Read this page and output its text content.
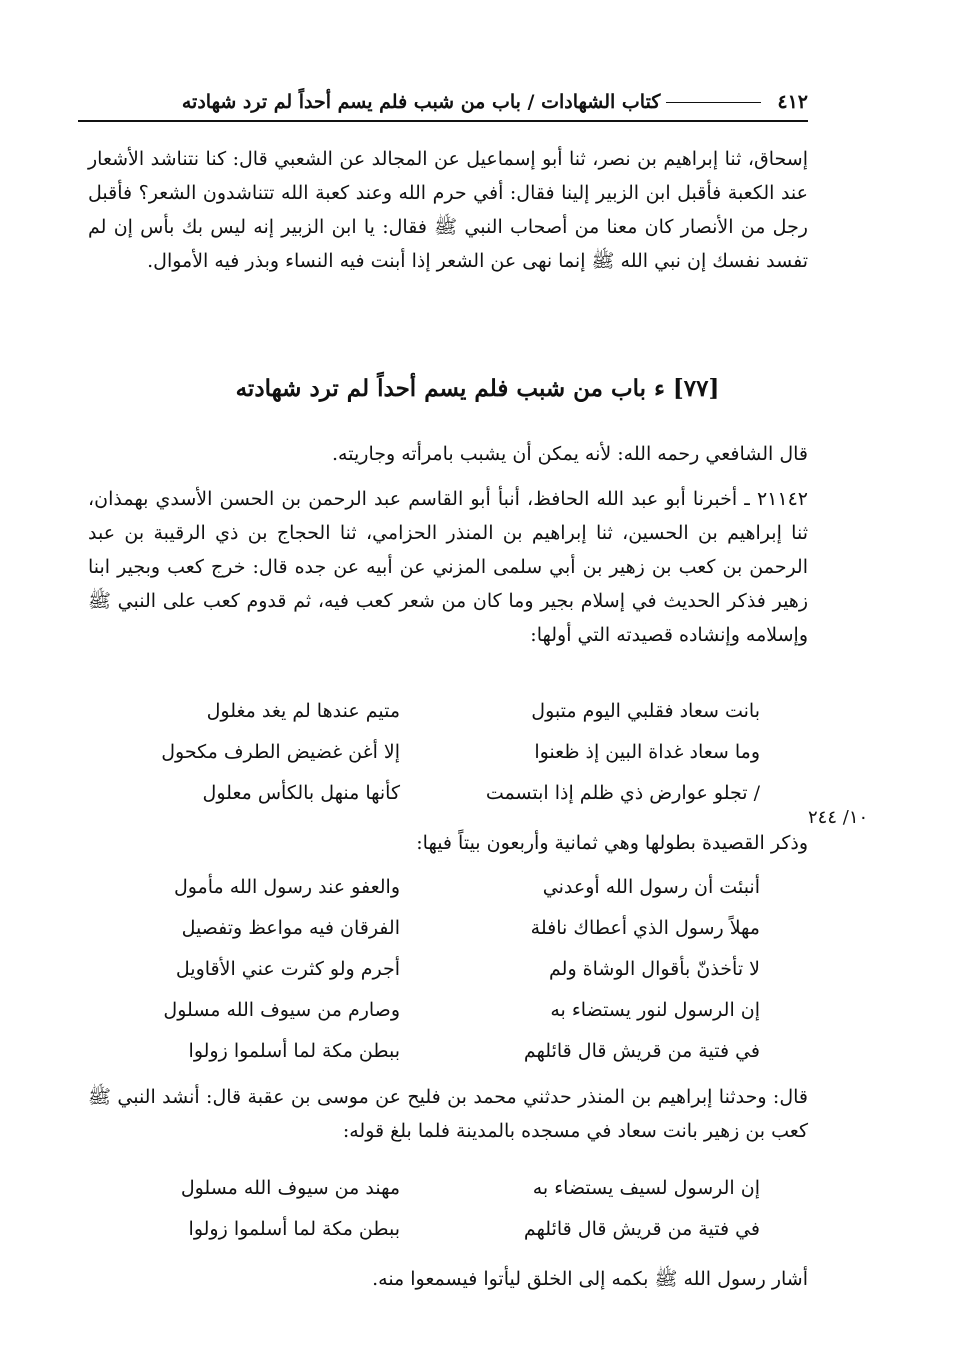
٤١٢
كتاب الشهادات / باب من شبب فلم يسم أحداً لم ترد شهادته

إسحاق، ثنا إبراهيم بن نصر، ثنا أبو إسماعيل عن المجالد عن الشعبي قال: كنا نتناشد الأشعار عند الكعبة فأقبل ابن الزبير إلينا فقال: أفي حرم الله وعند كعبة الله تتناشدون الشعر؟ فأقبل رجل من الأنصار كان معنا من أصحاب النبي ﷺ فقال: يا ابن الزبير إنه ليس بك بأس إن لم تفسد نفسك إن نبي الله ﷺ إنما نهى عن الشعر إذا أبنت فيه النساء وبذر فيه الأموال.

[٧٧] ء باب من شبب فلم يسم أحداً لم ترد شهادته

قال الشافعي رحمه الله: لأنه يمكن أن يشبب بامرأته وجاريته.

٢١١٤٢ ـ أخبرنا أبو عبد الله الحافظ، أنبأ أبو القاسم عبد الرحمن بن الحسن الأسدي بهمذان، ثنا إبراهيم بن الحسين، ثنا إبراهيم بن المنذر الحزامي، ثنا الحجاج بن ذي الرقيبة بن عبد الرحمن بن كعب بن زهير بن أبي سلمى المزني عن أبيه عن جده قال: خرج كعب وبجير ابنا زهير فذكر الحديث في إسلام بجير وما كان من شعر كعب فيه، ثم قدوم كعب على النبي ﷺ وإسلامه وإنشاده قصيدته التي أولها:

بانت سعاد فقلبي اليوم متبول
متيم عندها لم يغد مغلول
وما سعاد غداة البين إذ ظعنوا
إلا أغن غضيض الطرف مكحول
/ تجلو عوارض ذي ظلم إذا ابتسمت
كأنها منهل بالكأس معلول
١٠/ ٢٤٤

وذكر القصيدة بطولها وهي ثمانية وأربعون بيتاً فيها:

أنبئت أن رسول الله أوعدني
والعفو عند رسول الله مأمول
مهلاً رسول الذي أعطاك نافلة
الفرقان فيه مواعظ وتفصيل
لا تأخذنّ بأقوال الوشاة ولم
أجرم ولو كثرت عني الأقاويل
إن الرسول لنور يستضاء به
وصارم من سيوف الله مسلول
في فتية من قريش قال قائلهم
ببطن مكة لما أسلموا زولوا

قال: وحدثنا إبراهيم بن المنذر حدثني محمد بن فليح عن موسى بن عقبة قال: أنشد النبي ﷺ كعب بن زهير بانت سعاد في مسجده بالمدينة فلما بلغ قوله:

إن الرسول لسيف يستضاء به
مهند من سيوف الله مسلول
في فتية من قريش قال قائلهم
ببطن مكة لما أسلموا زولوا

أشار رسول الله ﷺ بكمه إلى الخلق ليأتوا فيسمعوا منه.
